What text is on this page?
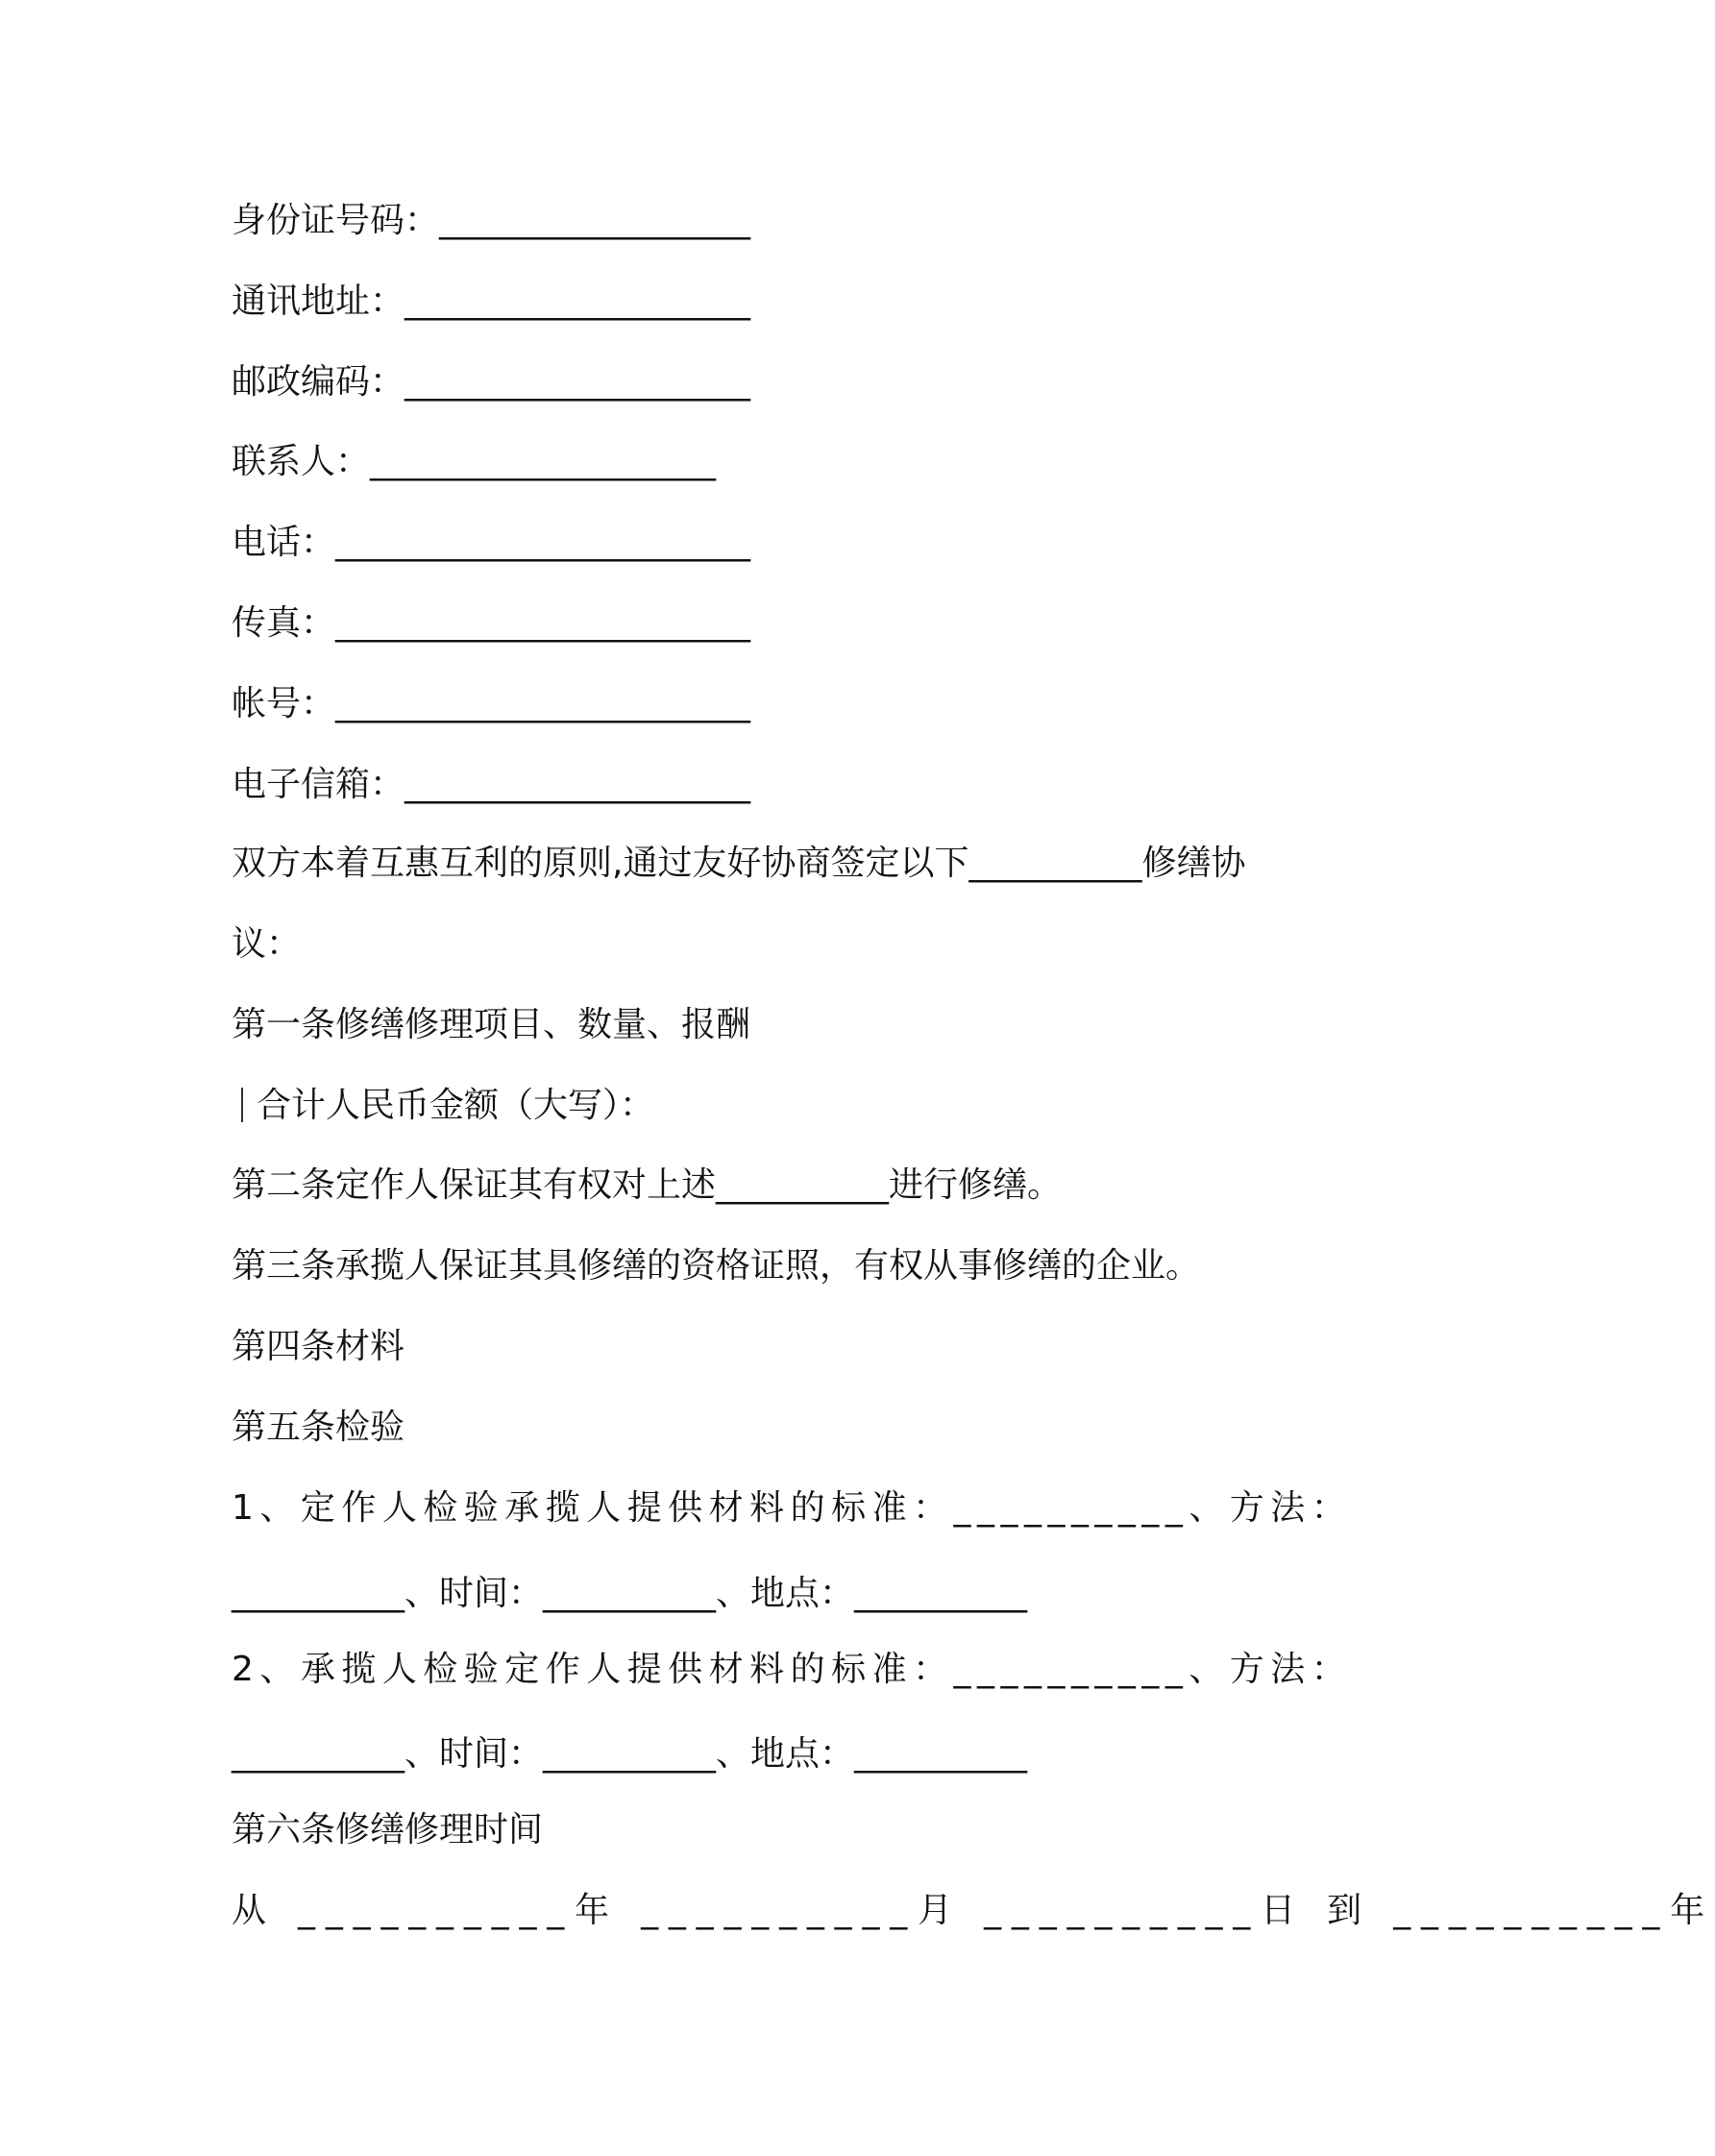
身份证号码：__________________

通讯地址：____________________

邮政编码：____________________

联系人：____________________

电话：________________________

传真：________________________

帐号：________________________

电子信箱：____________________

双方本着互惠互利的原则,通过友好协商签定以下__________修缮协

议：

第一条修缮修理项目、数量、报酬

合计人民币金额（大写）：

第二条定作人保证其有权对上述__________进行修缮。

第三条承揽人保证其具修缮的资格证照，有权从事修缮的企业。

第四条材料

第五条检验

1、定作人检验承揽人提供材料的标准：__________、方法：

__________、时间：__________、地点：__________

2、承揽人检验定作人提供材料的标准：__________、方法：

__________、时间：__________、地点：__________

第六条修缮修理时间

从 __________年 __________月 __________日 到 __________年
